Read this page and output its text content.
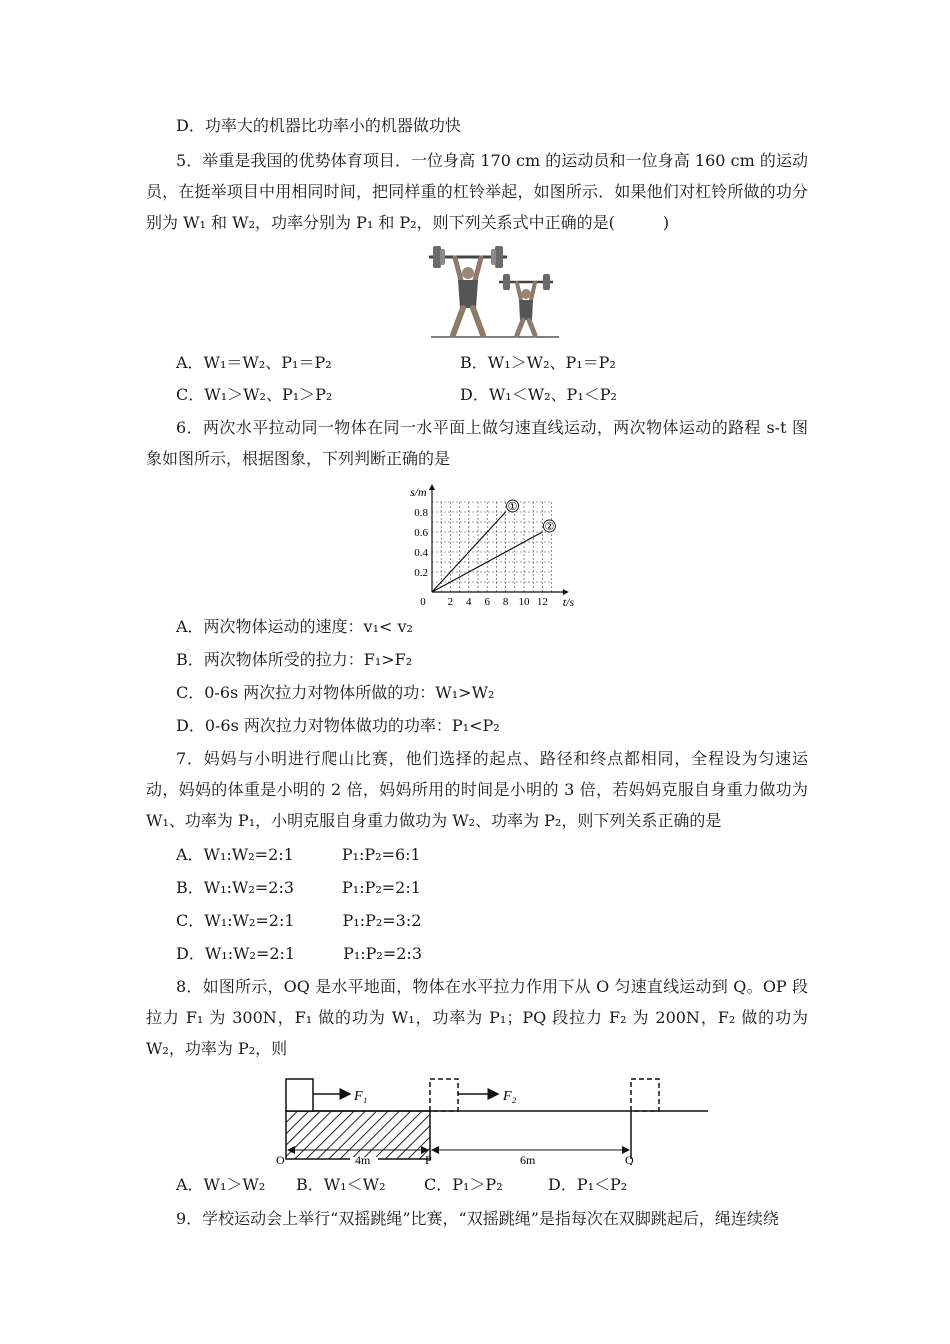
D．功率大的机器比功率小的机器做功快
5．举重是我国的优势体育项目．一位身高 170 cm 的运动员和一位身高 160 cm 的运动员，在挺举项目中用相同时间，把同样重的杠铃举起，如图所示．如果他们对杠铃所做的功分别为 W₁ 和 W₂，功率分别为 P₁ 和 P₂，则下列关系式中正确的是(　　　)
A．W₁＝W₂、P₁＝P₂	B．W₁＞W₂、P₁＝P₂
C．W₁＞W₂、P₁＞P₂	D．W₁＜W₂、P₁＜P₂
6．两次水平拉动同一物体在同一水平面上做匀速直线运动，两次物体运动的路程 s-t 图象如图所示，根据图象，下列判断正确的是
0 2 4 6 8 10 12
0.2
0.4
0.6
0.8
t/s
s/m
①
②
A．两次物体运动的速度：v₁< v₂
B．两次物体所受的拉力：F₁>F₂
C．0-6s 两次拉力对物体所做的功：W₁>W₂
D．0-6s 两次拉力对物体做功的功率：P₁<P₂
7．妈妈与小明进行爬山比赛，他们选择的起点、路径和终点都相同，全程设为匀速运动，妈妈的体重是小明的 2 倍，妈妈所用的时间是小明的 3 倍，若妈妈克服自身重力做功为 W₁、功率为 P₁，小明克服自身重力做功为 W₂、功率为 P₂，则下列关系正确的是
A．W₁:W₂=2:1　　　P₁:P₂=6:1
B．W₁:W₂=2:3　　　P₁:P₂=2:1
C．W₁:W₂=2:1　　　P₁:P₂=3:2
D．W₁:W₂=2:1　　　P₁:P₂=2:3
8．如图所示，OQ 是水平地面，物体在水平拉力作用下从 O 匀速直线运动到 Q。OP 段拉力 F₁ 为 300N，F₁ 做的功为 W₁，功率为 P₁；PQ 段拉力 F₂ 为 200N，F₂ 做的功为 W₂，功率为 P₂，则
F₁	F₂
4m	6m
O	P	Q
A．W₁＞W₂ B．W₁＜W₂ C．P₁＞P₂	D．P₁＜P₂
9．学校运动会上举行“双摇跳绳”比赛，“双摇跳绳”是指每次在双脚跳起后，绳连续绕
